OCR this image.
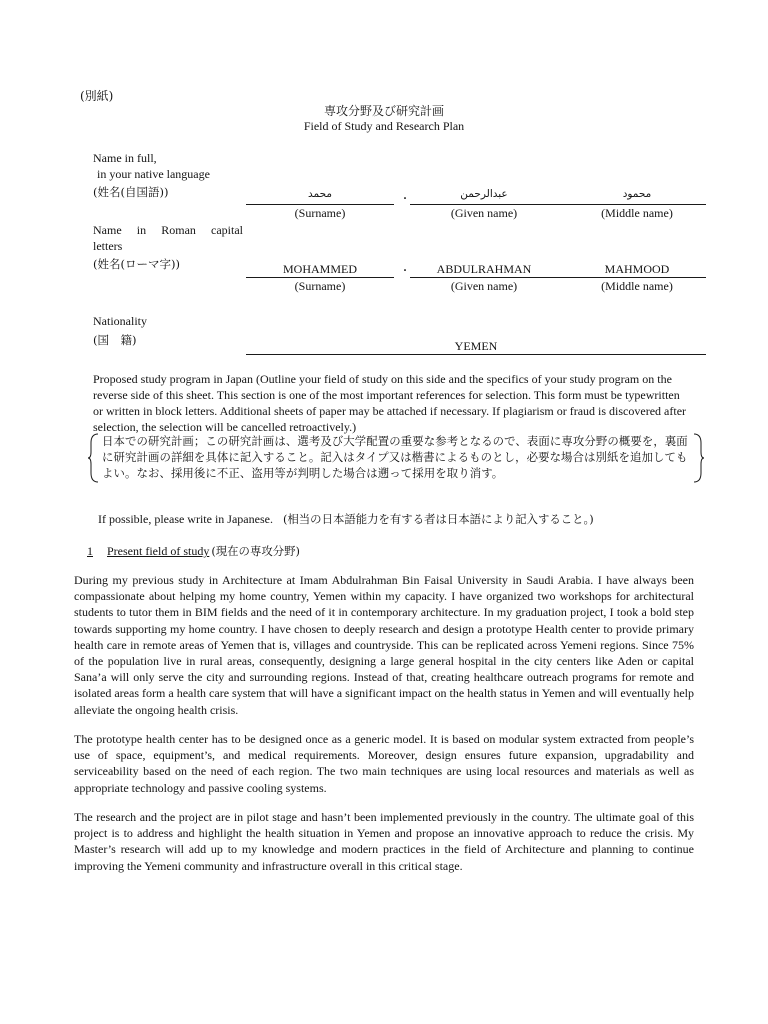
(別紙)
専攻分野及び研究計画
Field of Study and Research Plan
Name in full,
in your native language
(姓名(自国語))	محمد	・	عبدالرحمن	محمود
(Surname)	(Given name)	(Middle name)
Name in Roman capital
letters
(姓名(ローマ字))	MOHAMMED	・	ABDULRAHMAN	MAHMOOD
(Surname)	(Given name)	(Middle name)
Nationality
(国　籍)	YEMEN
Proposed study program in Japan (Outline your field of study on this side and the specifics of your study program on the reverse side of this sheet. This section is one of the most important references for selection. This form must be typewritten or written in block letters. Additional sheets of paper may be attached if necessary. If plagiarism or fraud is discovered after selection, the selection will be cancelled retroactively.)
日本での研究計画；この研究計画は、選考及び大学配置の重要な参考となるので、表面に専攻分野の概要を，裏面に研究計画の詳細を具体に記入すること。記入はタイプ又は楷書によるものとし，必要な場合は別紙を追加してもよい。なお、採用後に不正、盗用等が判明した場合は遡って採用を取り消す。
If possible, please write in Japanese. (相当の日本語能力を有する者は日本語により記入すること。)
1 Present field of study (現在の専攻分野)

During my previous study in Architecture at Imam Abdulrahman Bin Faisal University in Saudi Arabia. I have always been compassionate about helping my home country, Yemen within my capacity. I have organized two workshops for architectural students to tutor them in BIM fields and the need of it in contemporary architecture. In my graduation project, I took a bold step towards supporting my home country. I have chosen to deeply research and design a prototype Health center to provide primary health care in remote areas of Yemen that is, villages and countryside. This can be replicated across Yemeni regions. Since 75% of the population live in rural areas, consequently, designing a large general hospital in the city centers like Aden or capital Sana’a will only serve the city and surrounding regions. Instead of that, creating healthcare outreach programs for remote and isolated areas form a health care system that will have a significant impact on the health status in Yemen and will eventually help alleviate the ongoing health crisis.

The prototype health center has to be designed once as a generic model. It is based on modular system extracted from people’s use of space, equipment’s, and medical requirements. Moreover, design ensures future expansion, upgradability and serviceability based on the need of each region. The two main techniques are using local resources and materials as well as appropriate technology and passive cooling systems.

The research and the project are in pilot stage and hasn’t been implemented previously in the country. The ultimate goal of this project is to address and highlight the health situation in Yemen and propose an innovative approach to reduce the crisis. My Master’s research will add up to my knowledge and modern practices in the field of Architecture and planning to continue improving the Yemeni community and infrastructure overall in this critical stage.
